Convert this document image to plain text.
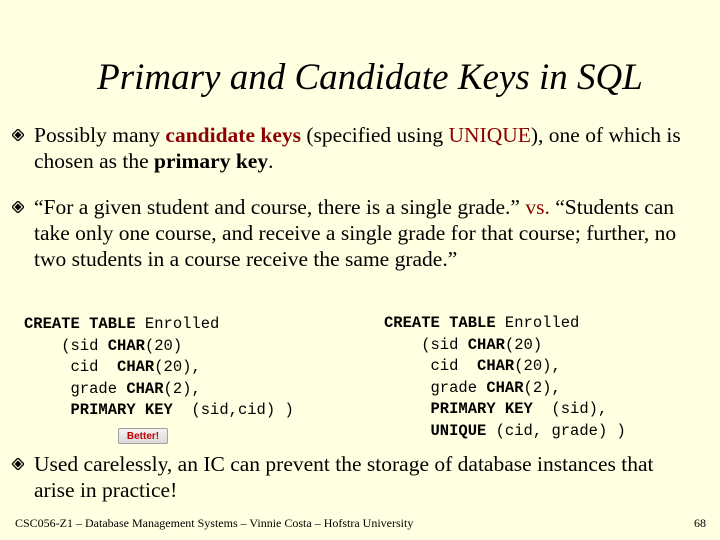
Primary and Candidate Keys in SQL
Possibly many candidate keys (specified using UNIQUE), one of which is chosen as the primary key.
“For a given student and course, there is a single grade.” vs. “Students can take only one course, and receive a single grade for that course; further, no two students in a course receive the same grade.”
CREATE TABLE Enrolled
(sid CHAR(20)
cid  CHAR(20),
grade CHAR(2),
PRIMARY KEY  (sid,cid) )
Better!
CREATE TABLE Enrolled
(sid CHAR(20)
cid  CHAR(20),
grade CHAR(2),
PRIMARY KEY  (sid),
UNIQUE (cid, grade) )
Used carelessly, an IC can prevent the storage of database instances that arise in practice!
CSC056-Z1 – Database Management Systems – Vinnie Costa – Hofstra University	68
